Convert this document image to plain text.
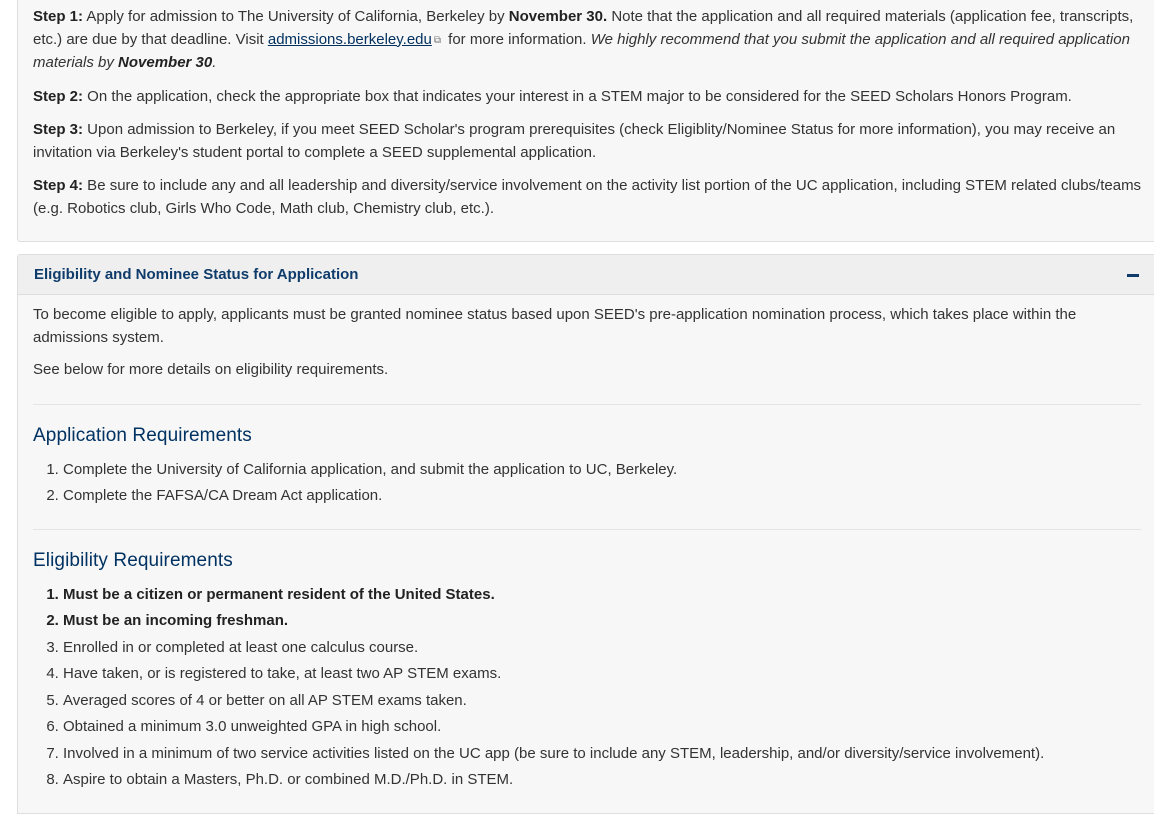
Step 1: Apply for admission to The University of California, Berkeley by November 30. Note that the application and all required materials (application fee, transcripts, etc.) are due by that deadline. Visit admissions.berkeley.edu ⧉ for more information. We highly recommend that you submit the application and all required application materials by November 30.

Step 2: On the application, check the appropriate box that indicates your interest in a STEM major to be considered for the SEED Scholars Honors Program.

Step 3: Upon admission to Berkeley, if you meet SEED Scholar's program prerequisites (check Eligiblity/Nominee Status for more information), you may receive an invitation via Berkeley's student portal to complete a SEED supplemental application.

Step 4: Be sure to include any and all leadership and diversity/service involvement on the activity list portion of the UC application, including STEM related clubs/teams (e.g. Robotics club, Girls Who Code, Math club, Chemistry club, etc.).

Eligibility and Nominee Status for Application

To become eligible to apply, applicants must be granted nominee status based upon SEED's pre-application nomination process, which takes place within the admissions system.

See below for more details on eligibility requirements.

Application Requirements
1. Complete the University of California application, and submit the application to UC, Berkeley.
2. Complete the FAFSA/CA Dream Act application.
Eligibility Requirements
1. Must be a citizen or permanent resident of the United States.
2. Must be an incoming freshman.
3. Enrolled in or completed at least one calculus course.
4. Have taken, or is registered to take, at least two AP STEM exams.
5. Averaged scores of 4 or better on all AP STEM exams taken.
6. Obtained a minimum 3.0 unweighted GPA in high school.
7. Involved in a minimum of two service activities listed on the UC app (be sure to include any STEM, leadership, and/or diversity/service involvement).
8. Aspire to obtain a Masters, Ph.D. or combined M.D./Ph.D. in STEM.
